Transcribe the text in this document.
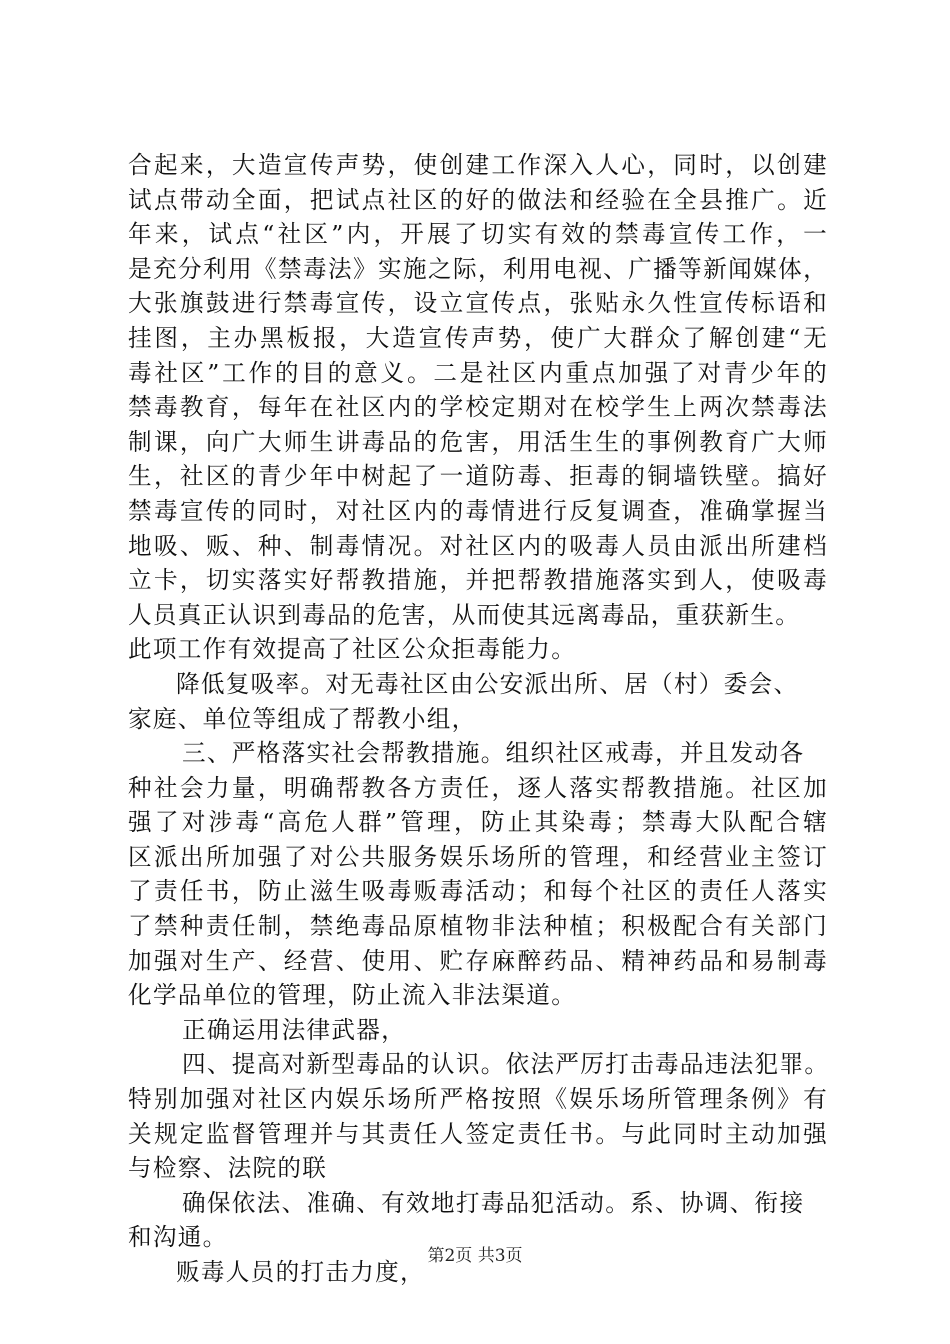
合起来，大造宣传声势，使创建工作深入人心，同时，以创建
试点带动全面，把试点社区的好的做法和经验在全县推广。近
年来，试点“社区”内，开展了切实有效的禁毒宣传工作，一
是充分利用《禁毒法》实施之际，利用电视、广播等新闻媒体，
大张旗鼓进行禁毒宣传，设立宣传点，张贴永久性宣传标语和
挂图，主办黑板报，大造宣传声势，使广大群众了解创建“无
毒社区”工作的目的意义。二是社区内重点加强了对青少年的
禁毒教育，每年在社区内的学校定期对在校学生上两次禁毒法
制课，向广大师生讲毒品的危害，用活生生的事例教育广大师
生，社区的青少年中树起了一道防毒、拒毒的铜墙铁壁。搞好
禁毒宣传的同时，对社区内的毒情进行反复调查，准确掌握当
地吸、贩、种、制毒情况。对社区内的吸毒人员由派出所建档
立卡，切实落实好帮教措施，并把帮教措施落实到人，使吸毒
人员真正认识到毒品的危害，从而使其远离毒品，重获新生。
此项工作有效提高了社区公众拒毒能力。
降低复吸率。对无毒社区由公安派出所、居（村）委会、
家庭、单位等组成了帮教小组，
三、严格落实社会帮教措施。组织社区戒毒，并且发动各
种社会力量，明确帮教各方责任，逐人落实帮教措施。社区加
强了对涉毒“高危人群”管理，防止其染毒；禁毒大队配合辖
区派出所加强了对公共服务娱乐场所的管理，和经营业主签订
了责任书，防止滋生吸毒贩毒活动；和每个社区的责任人落实
了禁种责任制，禁绝毒品原植物非法种植；积极配合有关部门
加强对生产、经营、使用、贮存麻醉药品、精神药品和易制毒
化学品单位的管理，防止流入非法渠道。
正确运用法律武器，
四、提高对新型毒品的认识。依法严厉打击毒品违法犯罪。
特别加强对社区内娱乐场所严格按照《娱乐场所管理条例》有
关规定监督管理并与其责任人签定责任书。与此同时主动加强
与检察、法院的联
确保依法、准确、有效地打毒品犯活动。系、协调、衔接
和沟通。
贩毒人员的打击力度，
第2页 共3页
